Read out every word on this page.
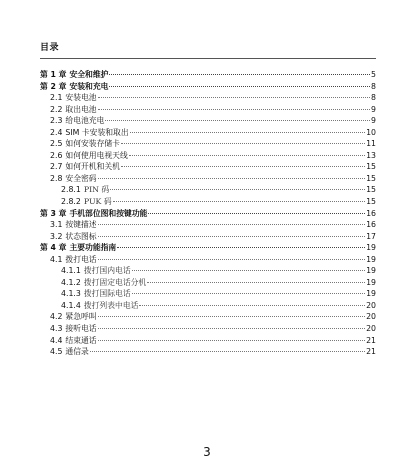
目录
第 1 章 安全和维护	5
第 2 章 安装和充电	8
2.1 安装电池	8
2.2 取出电池	9
2.3 给电池充电	9
2.4 SIM 卡安装和取出	10
2.5 如何安装存储卡	11
2.6 如何使用电视天线	13
2.7 如何开机和关机	15
2.8 安全密码	15
2.8.1 PIN 码	15
2.8.2 PUK 码	15
第 3 章 手机部位图和按键功能	16
3.1 按键描述	16
3.2 状态图标	17
第 4 章 主要功能指南	19
4.1 拨打电话	19
4.1.1 拨打国内电话	19
4.1.2 拨打固定电话分机	19
4.1.3 拨打国际电话	19
4.1.4 拨打列表中电话	20
4.2 紧急呼叫	20
4.3 接听电话	20
4.4 结束通话	21
4.5 通信录	21
3
